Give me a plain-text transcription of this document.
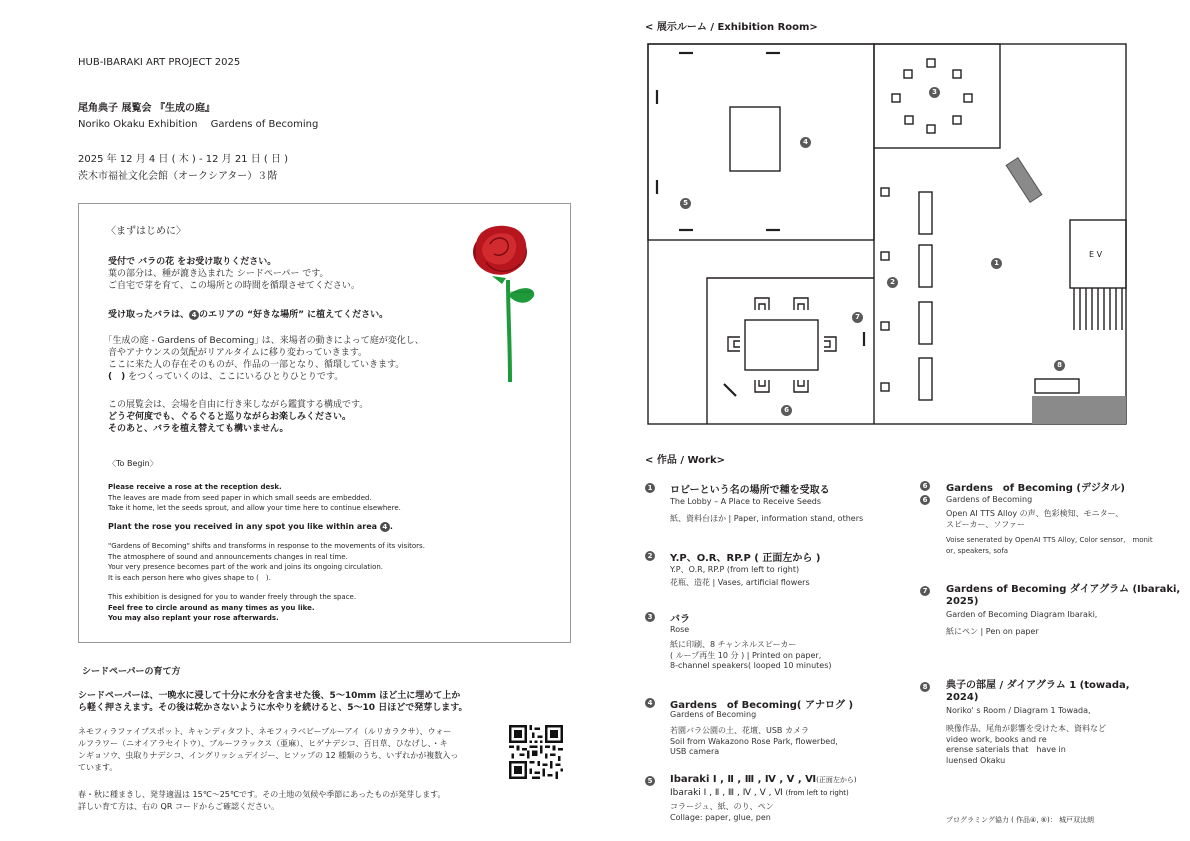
HUB-IBARAKI ART PROJECT 2025
尾角典子 展覧会 『生成の庭』
Noriko Okaku Exhibition　 Gardens of Becoming
2025 年 12 月 4 日 ( 木 ) - 12 月 21 日 ( 日 )
茨木市福祉文化会館（オークシアター）３階
〈まずはじめに〉
受付で バラの花 をお受け取りください。
葉の部分は、種が漉き込まれた シードペーパー です。
ご自宅で芽を育て、この場所との時間を循環させてください。
受け取ったバラは、 4 のエリアの “好きな場所” に植えてください。
｢生成の庭 - Gardens of Becoming｣ は、来場者の動きによって庭が変化し、
音やアナウンスの気配がリアルタイムに移り変わっていきます。
ここに来た人の存在そのものが、作品の一部となり、循環していきます。
(　) をつくっていくのは、ここにいるひとりひとりです。
この展覧会は、会場を自由に行き来しながら鑑賞する構成です。
どうぞ何度でも、ぐるぐると巡りながらお楽しみください。
そのあと、バラを植え替えても構いません。
〈To Begin〉
Please receive a rose at the reception desk.
The leaves are made from seed paper in which small seeds are embedded.
Take it home, let the seeds sprout, and allow your time here to continue elsewhere.
Plant the rose you received in any spot you like within area 4 .
"Gardens of Becoming" shifts and transforms in response to the movements of its visitors.
The atmosphere of sound and announcements changes in real time.
Your very presence becomes part of the work and joins its ongoing circulation.
It is each person here who gives shape to (　).
This exhibition is designed for you to wander freely through the space.
Feel free to circle around as many times as you like.
You may also replant your rose afterwards.
シードペーパーの育て方
シードペーパーは、一晩水に浸して十分に水分を含ませた後、5〜10mm ほど土に埋めて上か
ら軽く押さえます。その後は乾かさないように水やりを続けると、5〜10 日ほどで発芽します。
ネモフィラファイブスポット、キャンディタフト、ネモフィラベビーブルーアイ（ルリカラクサ）、ウォー
ルフラワー（ニオイアラセイトウ）、ブルーフラックス（亜麻）、ヒゲナデシコ、百日草、ひなげし、・キ
ンギョソウ、虫取りナデシコ、イングリッシュデイジー、ヒソップの 12 種類のうち、いずれかが複数入っ
ています。
春・秋に種まきし、発芽適温は 15℃〜25℃です。その土地の気候や季節にあったものが発芽します。
詳しい育て方は、右の QR コードからご確認ください。
< 展示ルーム / Exhibition Room>
E V
1
2
3
4
5
6
7
8
< 作品 / Work>
1 ロビーという名の場所で種を受取る
The Lobby – A Place to Receive Seeds
紙、資料台ほか | Paper, information stand, others
2 Y.P、O.R、RP.P ( 正面左から )
Y.P、O.R, RP.P (from left to right)
花瓶、造花 | Vases, artificial flowers
3 バラ
Rose
紙に印刷、8 チャンネルスピーカー
( ループ再生 10 分 ) | Printed on paper,
8-channel speakers( looped 10 minutes)
4 Gardens　of Becoming( アナログ )
Gardens of Becoming
若園バラ公園の土、花壇、USB カメラ
Soil from Wakazono Rose Park, flowerbed,
USB camera
5 Ibaraki Ⅰ , Ⅱ , Ⅲ , Ⅳ , Ⅴ , Ⅵ(正面左から)
Ibaraki Ⅰ , Ⅱ , Ⅲ , Ⅳ , Ⅴ , Ⅵ (from left to right)
コラージュ、紙、のり、ペン
Collage: paper, glue, pen
6 Gardens　of Becoming (デジタル)
6	Gardens of Becoming
Open AI TTS Alloy の声、色彩検知、モニター、
スピーカー、ソファー
Voise senerated by OpenAI TTS Alloy, Color sensor,　monit
or, speakers, sofa
7 Gardens of Becoming ダイアグラム (Ibaraki,
2025)
Garden of Becoming Diagram Ibaraki,
紙にペン | Pen on paper
8 典子の部屋 / ダイアグラム 1 (towada,
2024)
Noriko' s Room / Diagram 1 Towada,
映像作品、尾角が影響を受けた本、資料など
video work, books and re
erense saterials that　have in
luensed Okaku
プログラミング協力 ( 作品④, ⑥)： 城戸双汰朗
